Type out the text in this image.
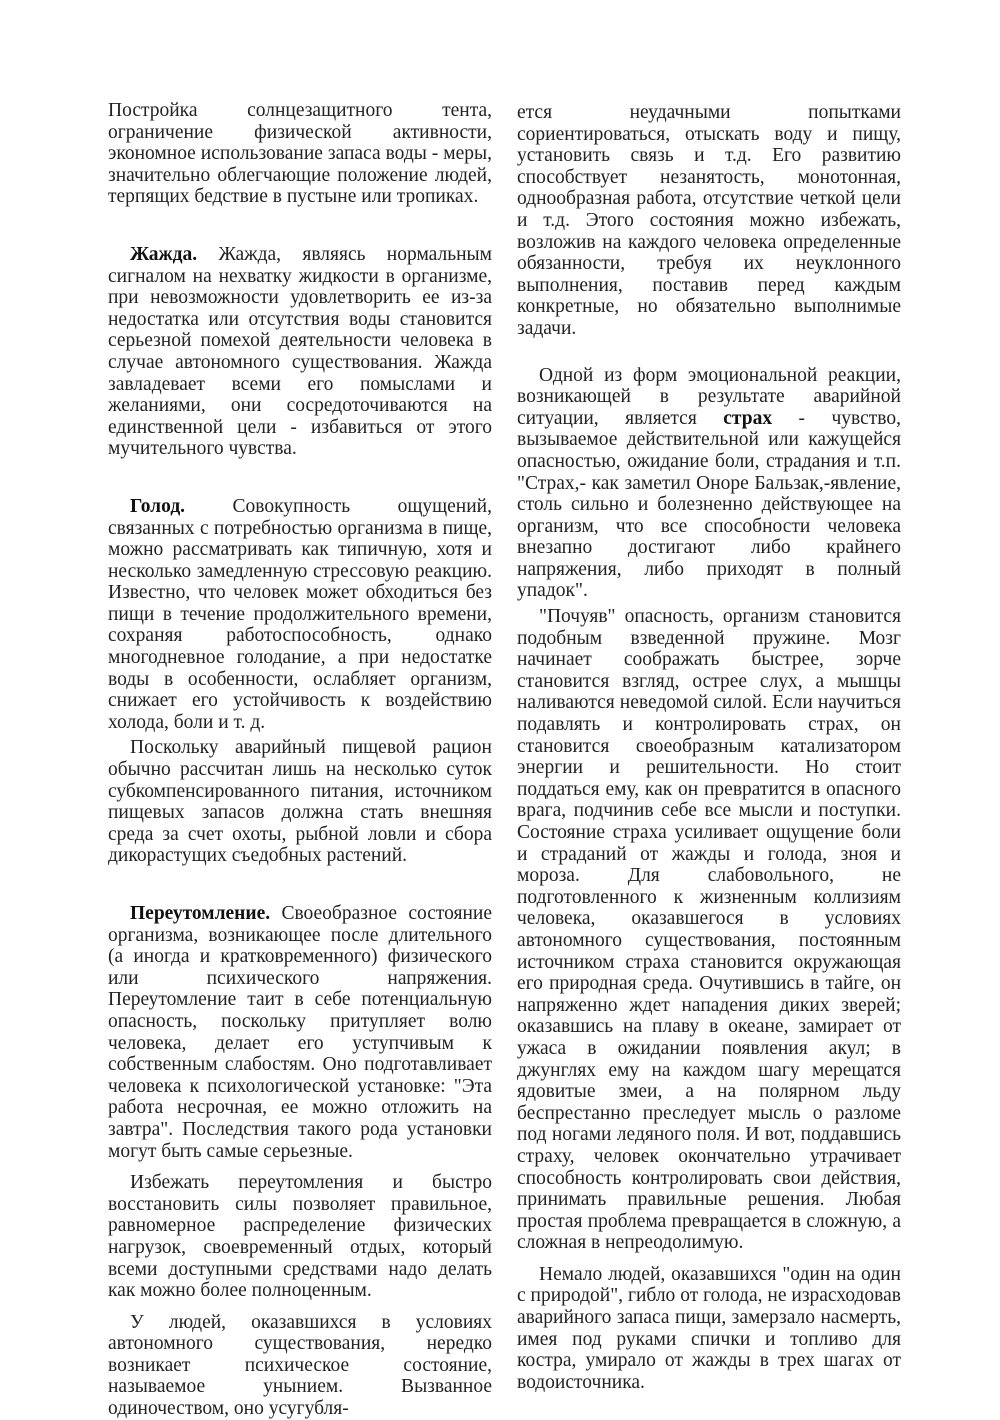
Постройка солнцезащитного тента, ограничение физической активности, экономное использование запаса воды - меры, значительно облегчающие положение людей, терпящих бедствие в пустыне или тропиках.

Жажда. Жажда, являясь нормальным сигналом на нехватку жидкости в организме, при невозможности удовлетворить ее из-за недостатка или отсутствия воды становится серьезной помехой деятельности человека в случае автономного существования. Жажда завладевает всеми его помыслами и желаниями, они сосредоточиваются на единственной цели - избавиться от этого мучительного чувства.

Голод. Совокупность ощущений, связанных с потребностью организма в пище, можно рассматривать как типичную, хотя и несколько замедленную стрессовую реакцию. Известно, что человек может обходиться без пищи в течение продолжительного времени, сохраняя работоспособность, однако многодневное голодание, а при недостатке воды в особенности, ослабляет организм, снижает его устойчивость к воздействию холода, боли и т. д.

Поскольку аварийный пищевой рацион обычно рассчитан лишь на несколько суток субкомпенсированного питания, источником пищевых запасов должна стать внешняя среда за счет охоты, рыбной ловли и сбора дикорастущих съедобных растений.

Переутомление. Своеобразное состояние организма, возникающее после длительного (а иногда и кратковременного) физического или психического напряжения. Переутомление таит в себе потенциальную опасность, поскольку притупляет волю человека, делает его уступчивым к собственным слабостям. Оно подготавливает человека к психологической установке: "Эта работа несрочная, ее можно отложить на завтра". Последствия такого рода установки могут быть самые серьезные.

Избежать переутомления и быстро восстановить силы позволяет правильное, равномерное распределение физических нагрузок, своевременный отдых, который всеми доступными средствами надо делать как можно более полноценным.

У людей, оказавшихся в условиях автономного существования, нередко возникает психическое состояние, называемое унынием. Вызванное одиночеством, оно усугубля-

ется неудачными попытками сориентироваться, отыскать воду и пищу, установить связь и т.д. Его развитию способствует незанятость, монотонная, однообразная работа, отсутствие четкой цели и т.д. Этого состояния можно избежать, возложив на каждого человека определенные обязанности, требуя их неуклонного выполнения, поставив перед каждым конкретные, но обязательно выполнимые задачи.

Одной из форм эмоциональной реакции, возникающей в результате аварийной ситуации, является страх - чувство, вызываемое действительной или кажущейся опасностью, ожидание боли, страдания и т.п. "Страх,- как заметил Оноре Бальзак,-явление, столь сильно и болезненно действующее на организм, что все способности человека внезапно достигают либо крайнего напряжения, либо приходят в полный упадок".

"Почуяв" опасность, организм становится подобным взведенной пружине. Мозг начинает соображать быстрее, зорче становится взгляд, острее слух, а мышцы наливаются неведомой силой. Если научиться подавлять и контролировать страх, он становится своеобразным катализатором энергии и решительности. Но стоит поддаться ему, как он превратится в опасного врага, подчинив себе все мысли и поступки. Состояние страха усиливает ощущение боли и страданий от жажды и голода, зноя и мороза. Для слабовольного, не подготовленного к жизненным коллизиям человека, оказавшегося в условиях автономного существования, постоянным источником страха становится окружающая его природная среда. Очутившись в тайге, он напряженно ждет нападения диких зверей; оказавшись на плаву в океане, замирает от ужаса в ожидании появления акул; в джунглях ему на каждом шагу мерещатся ядовитые змеи, а на полярном льду беспрестанно преследует мысль о разломе под ногами ледяного поля. И вот, поддавшись страху, человек окончательно утрачивает способность контролировать свои действия, принимать правильные решения. Любая простая проблема превращается в сложную, а сложная в непреодолимую.

Немало людей, оказавшихся "один на один с природой", гибло от голода, не израсходовав аварийного запаса пищи, замерзало насмерть, имея под руками спички и топливо для костра, умирало от жажды в трех шагах от водоисточника.
